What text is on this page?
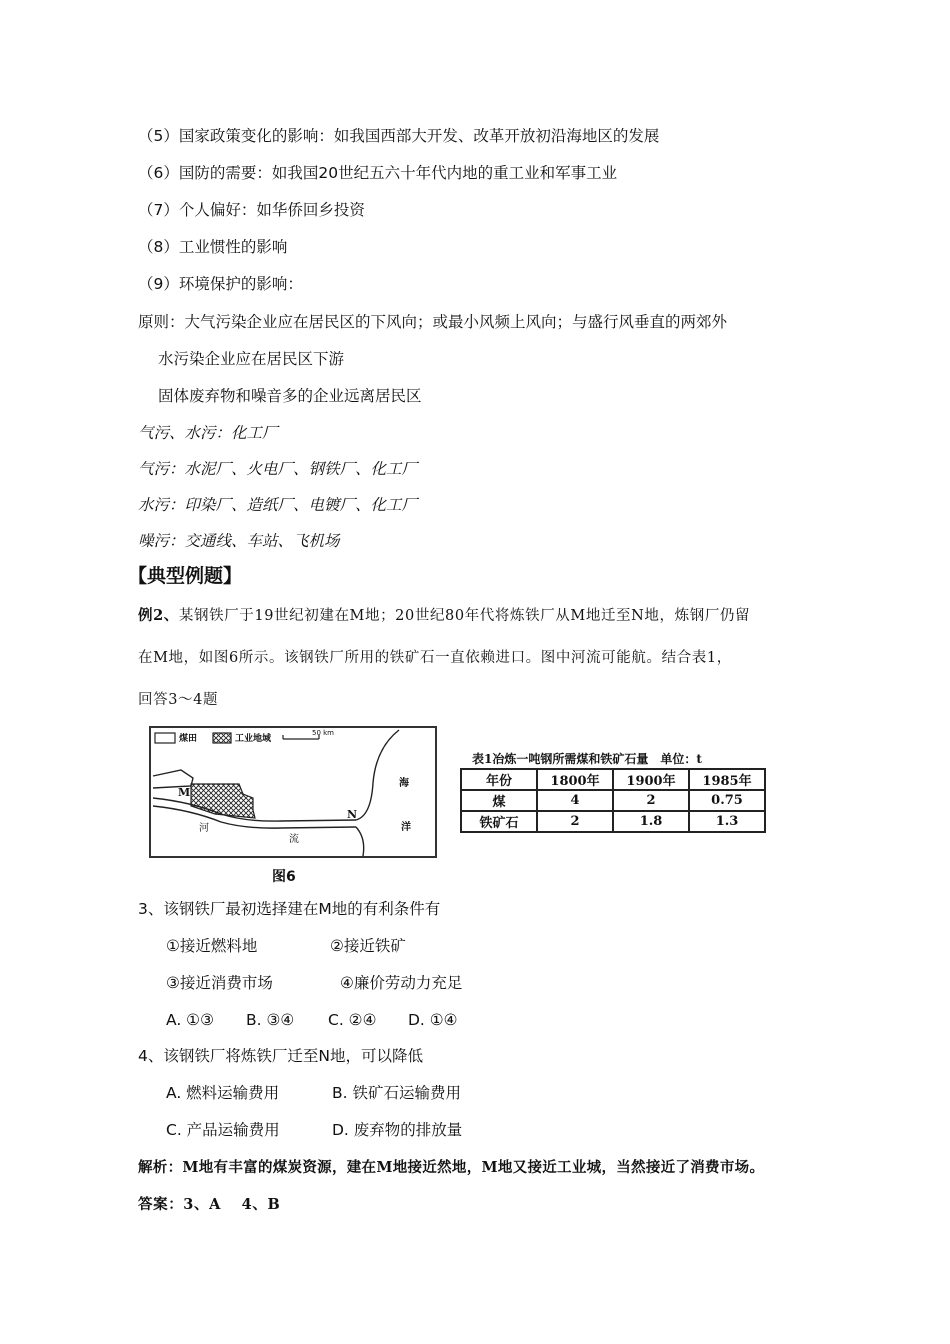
（5）国家政策变化的影响：如我国西部大开发、改革开放初沿海地区的发展
（6）国防的需要：如我国20世纪五六十年代内地的重工业和军事工业
（7）个人偏好：如华侨回乡投资
（8）工业惯性的影响
（9）环境保护的影响：
原则：大气污染企业应在居民区的下风向；或最小风频上风向；与盛行风垂直的两郊外
水污染企业应在居民区下游
固体废弃物和噪音多的企业远离居民区
气污、水污：化工厂
气污：水泥厂、火电厂、钢铁厂、化工厂
水污：印染厂、造纸厂、电镀厂、化工厂
噪污：交通线、车站、飞机场
【典型例题】
例2、某钢铁厂于19世纪初建在M地；20世纪80年代将炼铁厂从M地迁至N地，炼钢厂仍留
在M地，如图6所示。该钢铁厂所用的铁矿石一直依赖进口。图中河流可能航。结合表1，
回答3～4题
煤田	工业地域
50 km
M
N
河
流
海
洋
图6
表1冶炼一吨钢所需煤和铁矿石量　单位：t
年份	1800年	1900年	1985年
煤	4	2	0.75
铁矿石	2	1.8	1.3
3、该钢铁厂最初选择建在M地的有利条件有
①接近燃料地	②接近铁矿
③接近消费市场	④廉价劳动力充足
A. ①③ B. ③④ C. ②④ D. ①④
4、该钢铁厂将炼铁厂迁至N地，可以降低
A. 燃料运输费用	B. 铁矿石运输费用
C. 产品运输费用	D. 废弃物的排放量
解析：M地有丰富的煤炭资源，建在M地接近然地，M地又接近工业城，当然接近了消费市场。
答案：3、A　 4、B
